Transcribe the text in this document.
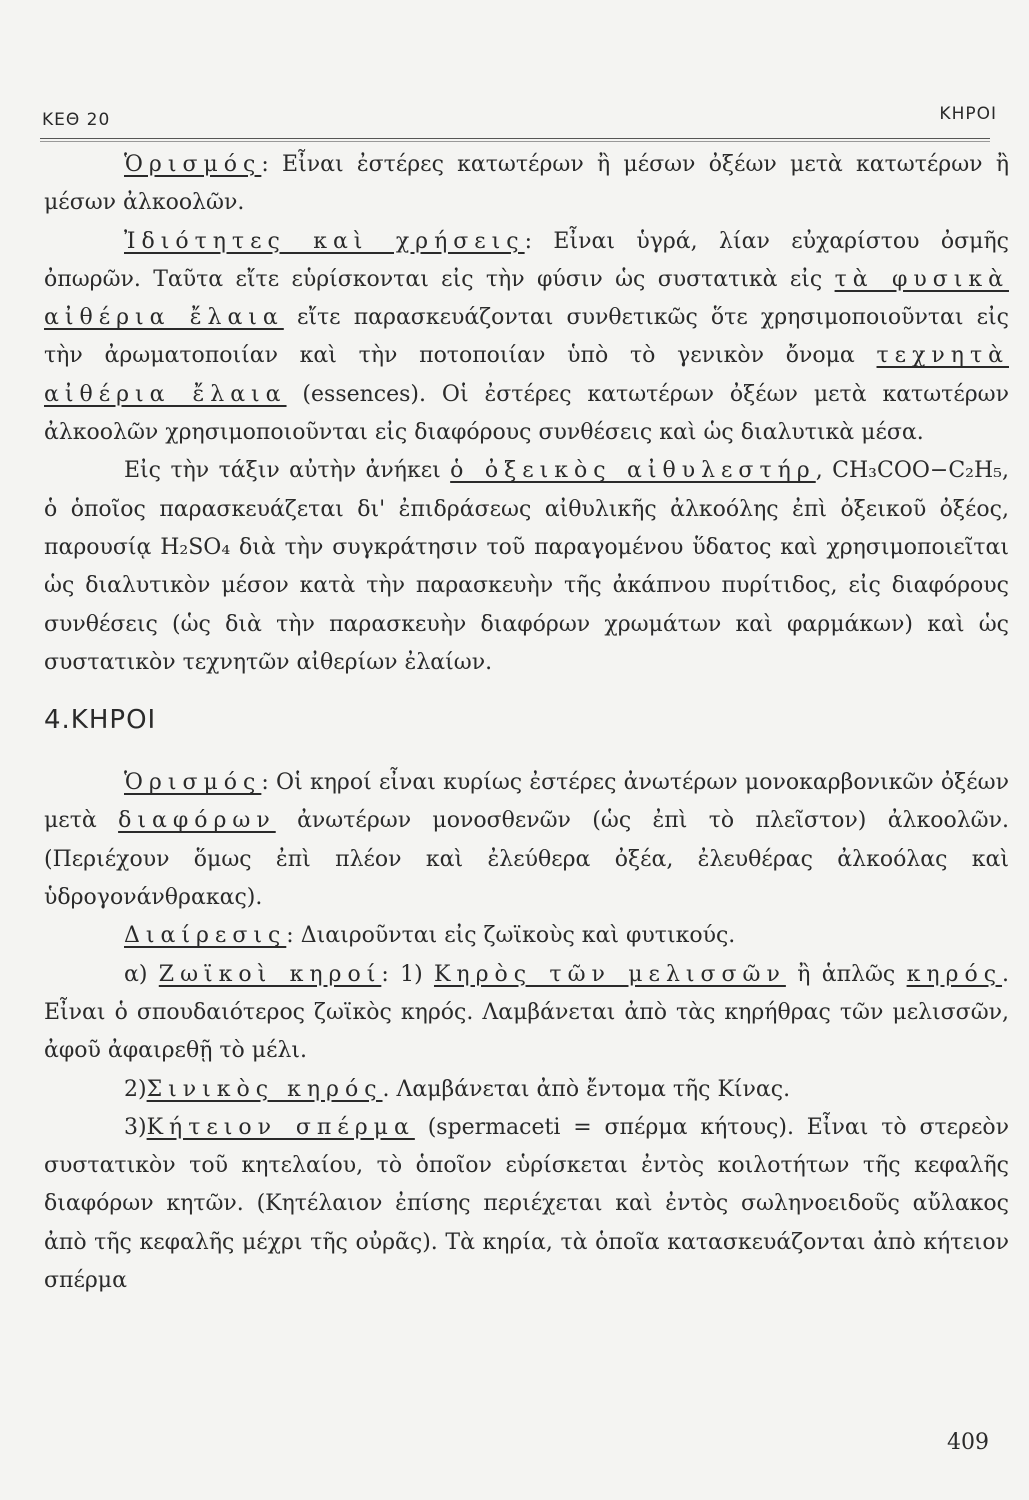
ΚΕΘ 20	ΚΗΡΟΙ

Ὁρισμός: Εἶναι ἐστέρες κατωτέρων ἢ μέσων ὀξέων μετὰ κατωτέρων ἢ μέσων ἀλκοολῶν.

Ἰδιότητες καὶ χρήσεις: Εἶναι ὑγρά, λίαν εὐχαρίστου ὀσμῆς ὀπωρῶν. Ταῦτα εἴτε εὑρίσκονται εἰς τὴν φύσιν ὡς συστατικὰ εἰς τὰ φυσικὰ αἰθέρια ἔλαια εἴτε παρασκευάζονται συνθετικῶς ὅτε χρησιμοποιοῦνται εἰς τὴν ἀρωματοποιίαν καὶ τὴν ποτοποιίαν ὑπὸ τὸ γενικὸν ὄνομα τεχνητὰ αἰθέρια ἔλαια (essences). Οἱ ἐστέρες κατωτέρων ὀξέων μετὰ κατωτέρων ἀλκοολῶν χρησιμοποιοῦνται εἰς διαφόρους συνθέσεις καὶ ὡς διαλυτικὰ μέσα.

Εἰς τὴν τάξιν αὐτὴν ἀνήκει ὁ ὀξεικὸς αἰθυλεστήρ, CH₃COO−C₂H₅, ὁ ὁποῖος παρασκευάζεται δι' ἐπιδράσεως αἰθυλικῆς ἀλκοόλης ἐπὶ ὀξεικοῦ ὀξέος, παρουσίᾳ H₂SO₄ διὰ τὴν συγκράτησιν τοῦ παραγομένου ὕδατος καὶ χρησιμοποιεῖται ὡς διαλυτικὸν μέσον κατὰ τὴν παρασκευὴν τῆς ἀκάπνου πυρίτιδος, εἰς διαφόρους συνθέσεις (ὡς διὰ τὴν παρασκευὴν διαφόρων χρωμάτων καὶ φαρμάκων) καὶ ὡς συστατικὸν τεχνητῶν αἰθερίων ἐλαίων.

4.ΚΗΡΟΙ

Ὁρισμός: Οἱ κηροί εἶναι κυρίως ἐστέρες ἀνωτέρων μονοκαρβονικῶν ὀξέων μετὰ διαφόρων ἀνωτέρων μονοσθενῶν (ὡς ἐπὶ τὸ πλεῖστον) ἀλκοολῶν. (Περιέχουν ὅμως ἐπὶ πλέον καὶ ἐλεύθερα ὀξέα, ἐλευθέρας ἀλκοόλας καὶ ὑδρογονάνθρακας).

Διαίρεσις: Διαιροῦνται εἰς ζωϊκοὺς καὶ φυτικούς.

α) Ζωϊκοὶ κηροί: 1) Κηρὸς τῶν μελισσῶν ἢ ἁπλῶς κηρός. Εἶναι ὁ σπουδαιότερος ζωϊκὸς κηρός. Λαμβάνεται ἀπὸ τὰς κηρήθρας τῶν μελισσῶν, ἀφοῦ ἀφαιρεθῇ τὸ μέλι.

2)Σινικὸς κηρός. Λαμβάνεται ἀπὸ ἔντομα τῆς Κίνας.

3)Κήτειον σπέρμα (spermaceti = σπέρμα κήτους). Εἶναι τὸ στερεὸν συστατικὸν τοῦ κητελαίου, τὸ ὁποῖον εὑρίσκεται ἐντὸς κοιλοτήτων τῆς κεφαλῆς διαφόρων κητῶν. (Κητέλαιον ἐπίσης περιέχεται καὶ ἐντὸς σωληνοειδοῦς αὔλακος ἀπὸ τῆς κεφαλῆς μέχρι τῆς οὐρᾶς). Τὰ κηρία, τὰ ὁποῖα κατασκευάζονται ἀπὸ κήτειον σπέρμα

409
